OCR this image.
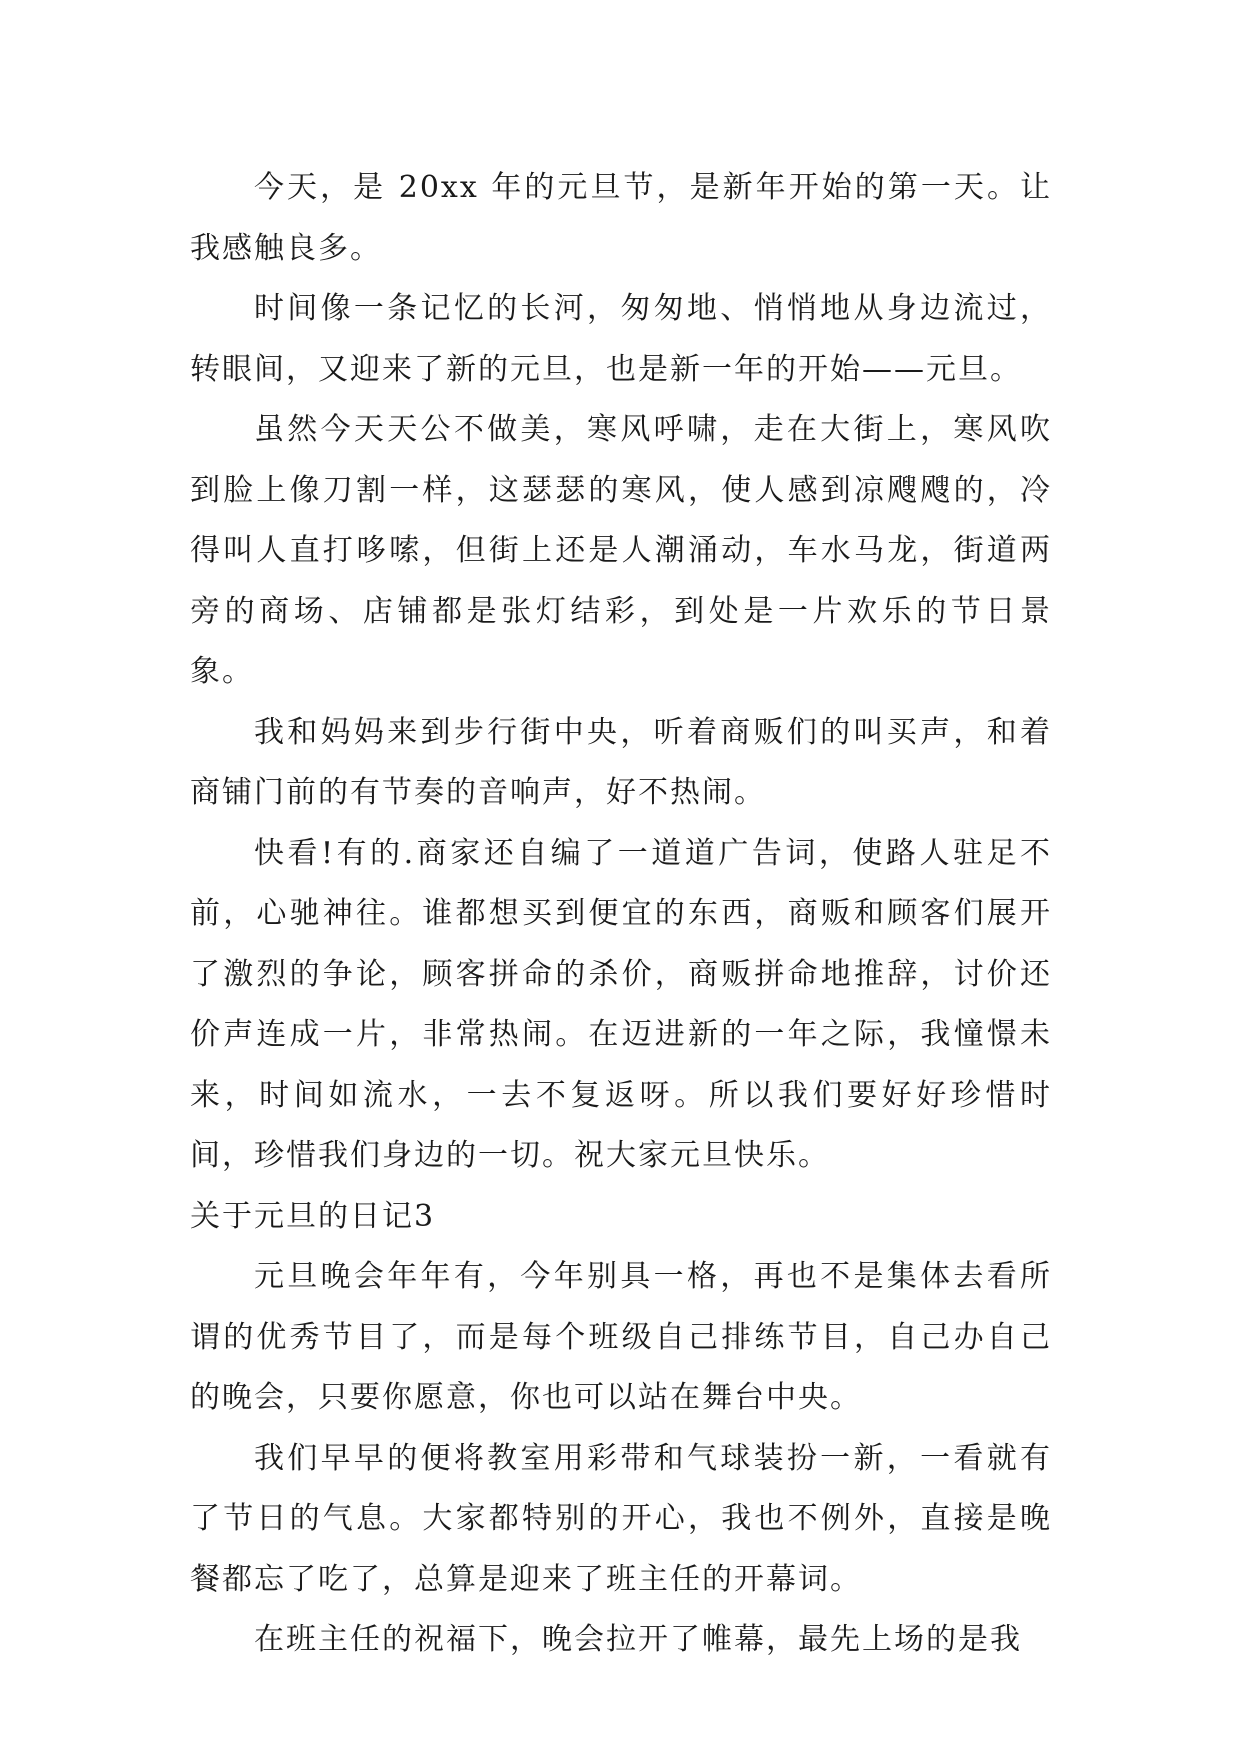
今天，是 20xx 年的元旦节，是新年开始的第一天。让我感触良多。

时间像一条记忆的长河，匆匆地、悄悄地从身边流过，转眼间，又迎来了新的元旦，也是新一年的开始——元旦。

虽然今天天公不做美，寒风呼啸，走在大街上，寒风吹到脸上像刀割一样，这瑟瑟的寒风，使人感到凉飕飕的，冷得叫人直打哆嗦，但街上还是人潮涌动，车水马龙，街道两旁的商场、店铺都是张灯结彩，到处是一片欢乐的节日景象。

我和妈妈来到步行街中央，听着商贩们的叫买声，和着商铺门前的有节奏的音响声，好不热闹。

快看!有的.商家还自编了一道道广告词，使路人驻足不前，心驰神往。谁都想买到便宜的东西，商贩和顾客们展开了激烈的争论，顾客拼命的杀价，商贩拼命地推辞，讨价还价声连成一片，非常热闹。在迈进新的一年之际，我憧憬未来，时间如流水，一去不复返呀。所以我们要好好珍惜时间，珍惜我们身边的一切。祝大家元旦快乐。

关于元旦的日记3

元旦晚会年年有，今年别具一格，再也不是集体去看所谓的优秀节目了，而是每个班级自己排练节目，自己办自己的晚会，只要你愿意，你也可以站在舞台中央。

我们早早的便将教室用彩带和气球装扮一新，一看就有了节日的气息。大家都特别的开心，我也不例外，直接是晚餐都忘了吃了，总算是迎来了班主任的开幕词。

在班主任的祝福下，晚会拉开了帷幕，最先上场的是我
